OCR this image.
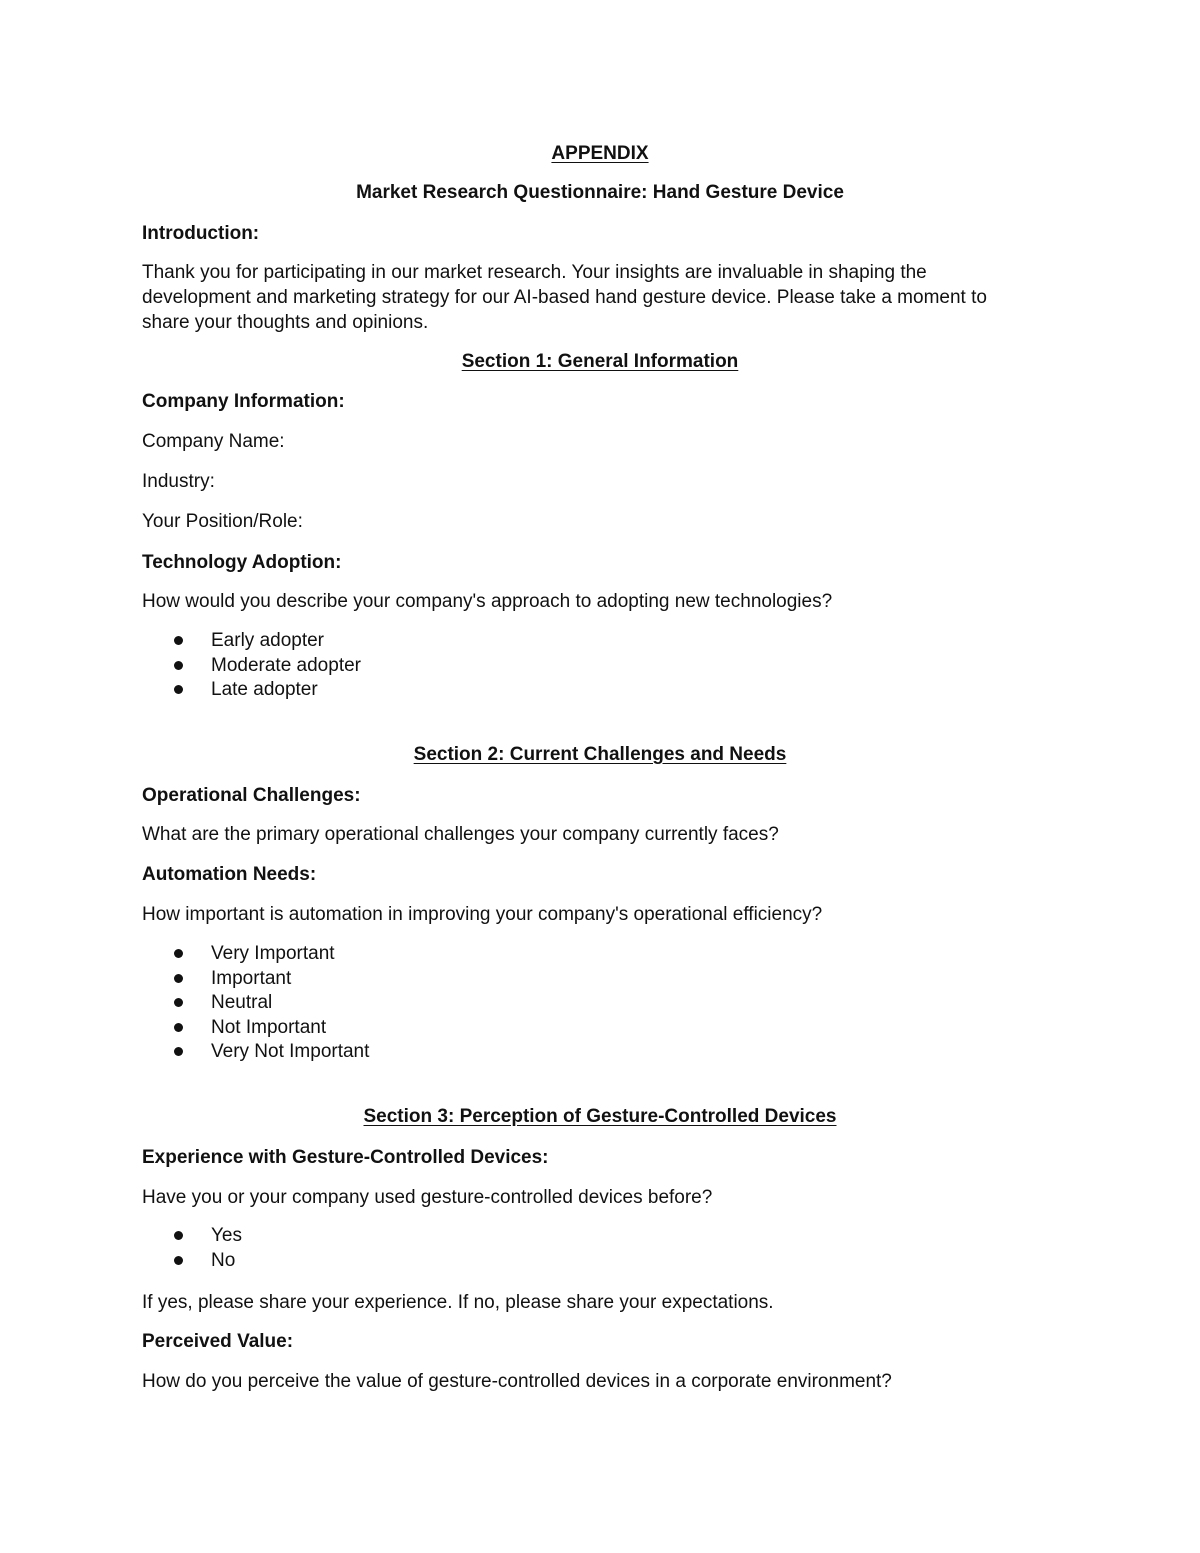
APPENDIX

Market Research Questionnaire: Hand Gesture Device

Introduction:

Thank you for participating in our market research. Your insights are invaluable in shaping the
development and marketing strategy for our AI-based hand gesture device. Please take a moment to
share your thoughts and opinions.

Section 1: General Information

Company Information:

Company Name:

Industry:

Your Position/Role:

Technology Adoption:

How would you describe your company's approach to adopting new technologies?

Early adopter
Moderate adopter
Late adopter

Section 2: Current Challenges and Needs

Operational Challenges:

What are the primary operational challenges your company currently faces?

Automation Needs:

How important is automation in improving your company's operational efficiency?

Very Important
Important
Neutral
Not Important
Very Not Important

Section 3: Perception of Gesture-Controlled Devices

Experience with Gesture-Controlled Devices:

Have you or your company used gesture-controlled devices before?

Yes
No

If yes, please share your experience. If no, please share your expectations.

Perceived Value:

How do you perceive the value of gesture-controlled devices in a corporate environment?
